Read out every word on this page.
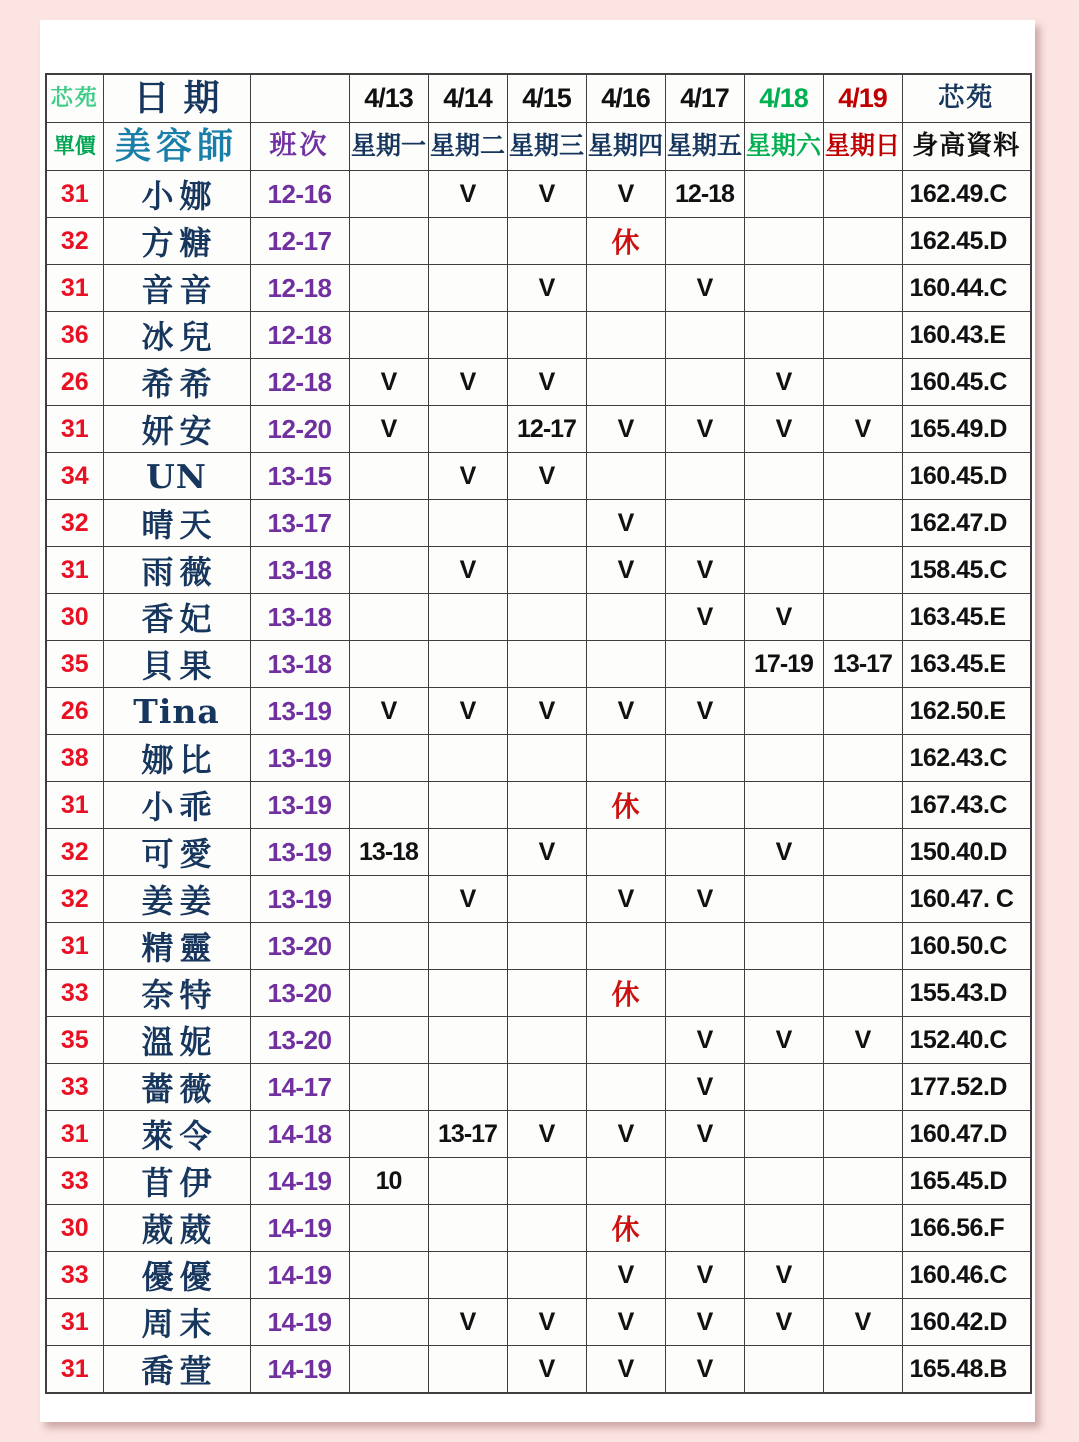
芯苑	日期		4/13	4/14	4/15	4/16	4/17	4/18	4/19	芯苑
單價	美容師	班次	星期一	星期二	星期三	星期四	星期五	星期六	星期日	身高資料
31	小娜	12-16		V	V	V	12-18			162.49.C
32	方糖	12-17				休				162.45.D
31	音音	12-18			V		V			160.44.C
36	冰兒	12-18								160.43.E
26	希希	12-18	V	V	V			V		160.45.C
31	妍安	12-20	V		12-17	V	V	V	V	165.49.D
34	UN	13-15		V	V					160.45.D
32	晴天	13-17				V				162.47.D
31	雨薇	13-18		V		V	V			158.45.C
30	香妃	13-18					V	V		163.45.E
35	貝果	13-18						17-19	13-17	163.45.E
26	Tina	13-19	V	V	V	V	V			162.50.E
38	娜比	13-19								162.43.C
31	小乖	13-19				休				167.43.C
32	可愛	13-19	13-18		V			V		150.40.D
32	姜姜	13-19		V		V	V			160.47. C
31	精靈	13-20								160.50.C
33	奈特	13-20				休				155.43.D
35	溫妮	13-20					V	V	V	152.40.C
33	薔薇	14-17					V			177.52.D
31	萊令	14-18		13-17	V	V	V			160.47.D
33	苜伊	14-19	10							165.45.D
30	葳葳	14-19				休				166.56.F
33	優優	14-19				V	V	V		160.46.C
31	周末	14-19		V	V	V	V	V	V	160.42.D
31	喬萱	14-19			V	V	V			165.48.B
